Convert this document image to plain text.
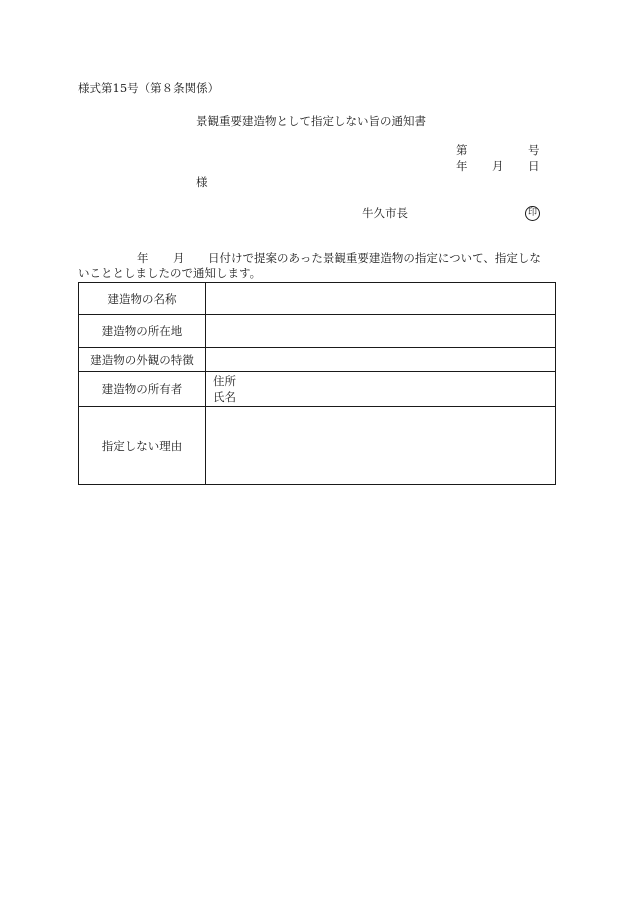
様式第15号（第８条関係）
景観重要建造物として指定しない旨の通知書
第	号
年 月 日
様
牛久市長	印
年 月 日付けで提案のあった景観重要建造物の指定について、指定しな
いこととしましたので通知します。
建造物の名称	
建造物の所在地	
建造物の外観の特徴	
建造物の所有者	住所
氏名

指定しない理由	
